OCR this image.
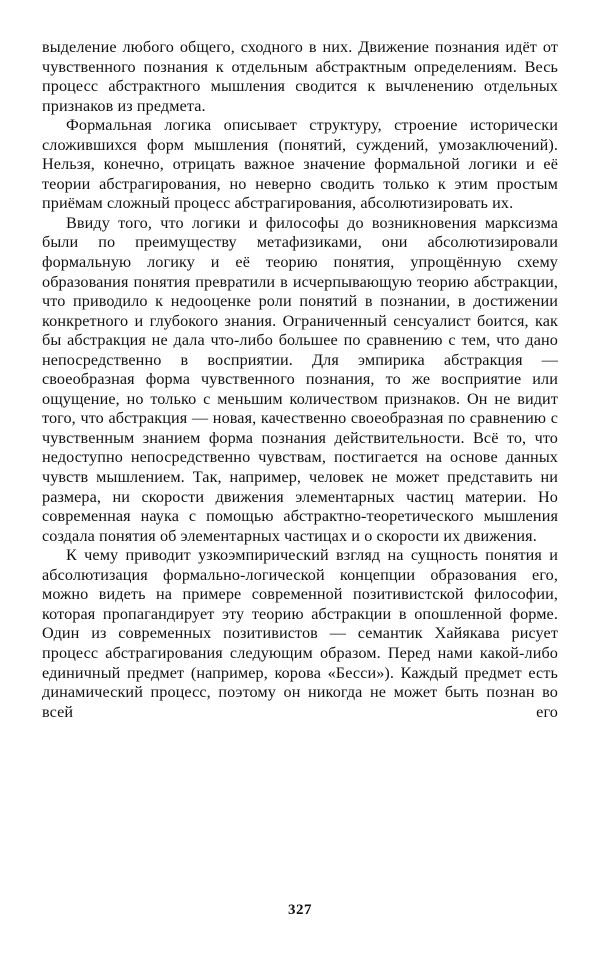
выделение любого общего, сходного в них. Движение познания идёт от чувственного познания к отдельным абстрактным определениям. Весь процесс абстрактного мышления сводится к вычленению отдельных признаков из предмета.

Формальная логика описывает структуру, строение исторически сложившихся форм мышления (понятий, суждений, умозаключений). Нельзя, конечно, отрицать важное значение формальной логики и её теории абстрагирования, но неверно сводить только к этим простым приёмам сложный процесс абстрагирования, абсолютизировать их.

Ввиду того, что логики и философы до возникновения марксизма были по преимуществу метафизиками, они абсолютизировали формальную логику и её теорию понятия, упрощённую схему образования понятия превратили в исчерпывающую теорию абстракции, что приводило к недооценке роли понятий в познании, в достижении конкретного и глубокого знания. Ограниченный сенсуалист боится, как бы абстракция не дала что-либо большее по сравнению с тем, что дано непосредственно в восприятии. Для эмпирика абстракция — своеобразная форма чувственного познания, то же восприятие или ощущение, но только с меньшим количеством признаков. Он не видит того, что абстракция — новая, качественно своеобразная по сравнению с чувственным знанием форма познания действительности. Всё то, что недоступно непосредственно чувствам, постигается на основе данных чувств мышлением. Так, например, человек не может представить ни размера, ни скорости движения элементарных частиц материи. Но современная наука с помощью абстрактно-теоретического мышления создала понятия об элементарных частицах и о скорости их движения.

К чему приводит узкоэмпирический взгляд на сущность понятия и абсолютизация формально-логической концепции образования его, можно видеть на примере современной позитивистской философии, которая пропагандирует эту теорию абстракции в опошленной форме. Один из современных позитивистов — семантик Хайякава рисует процесс абстрагирования следующим образом. Перед нами какой-либо единичный предмет (например, корова «Бесси»). Каждый предмет есть динамический процесс, поэтому он никогда не может быть познан во всей его

327
